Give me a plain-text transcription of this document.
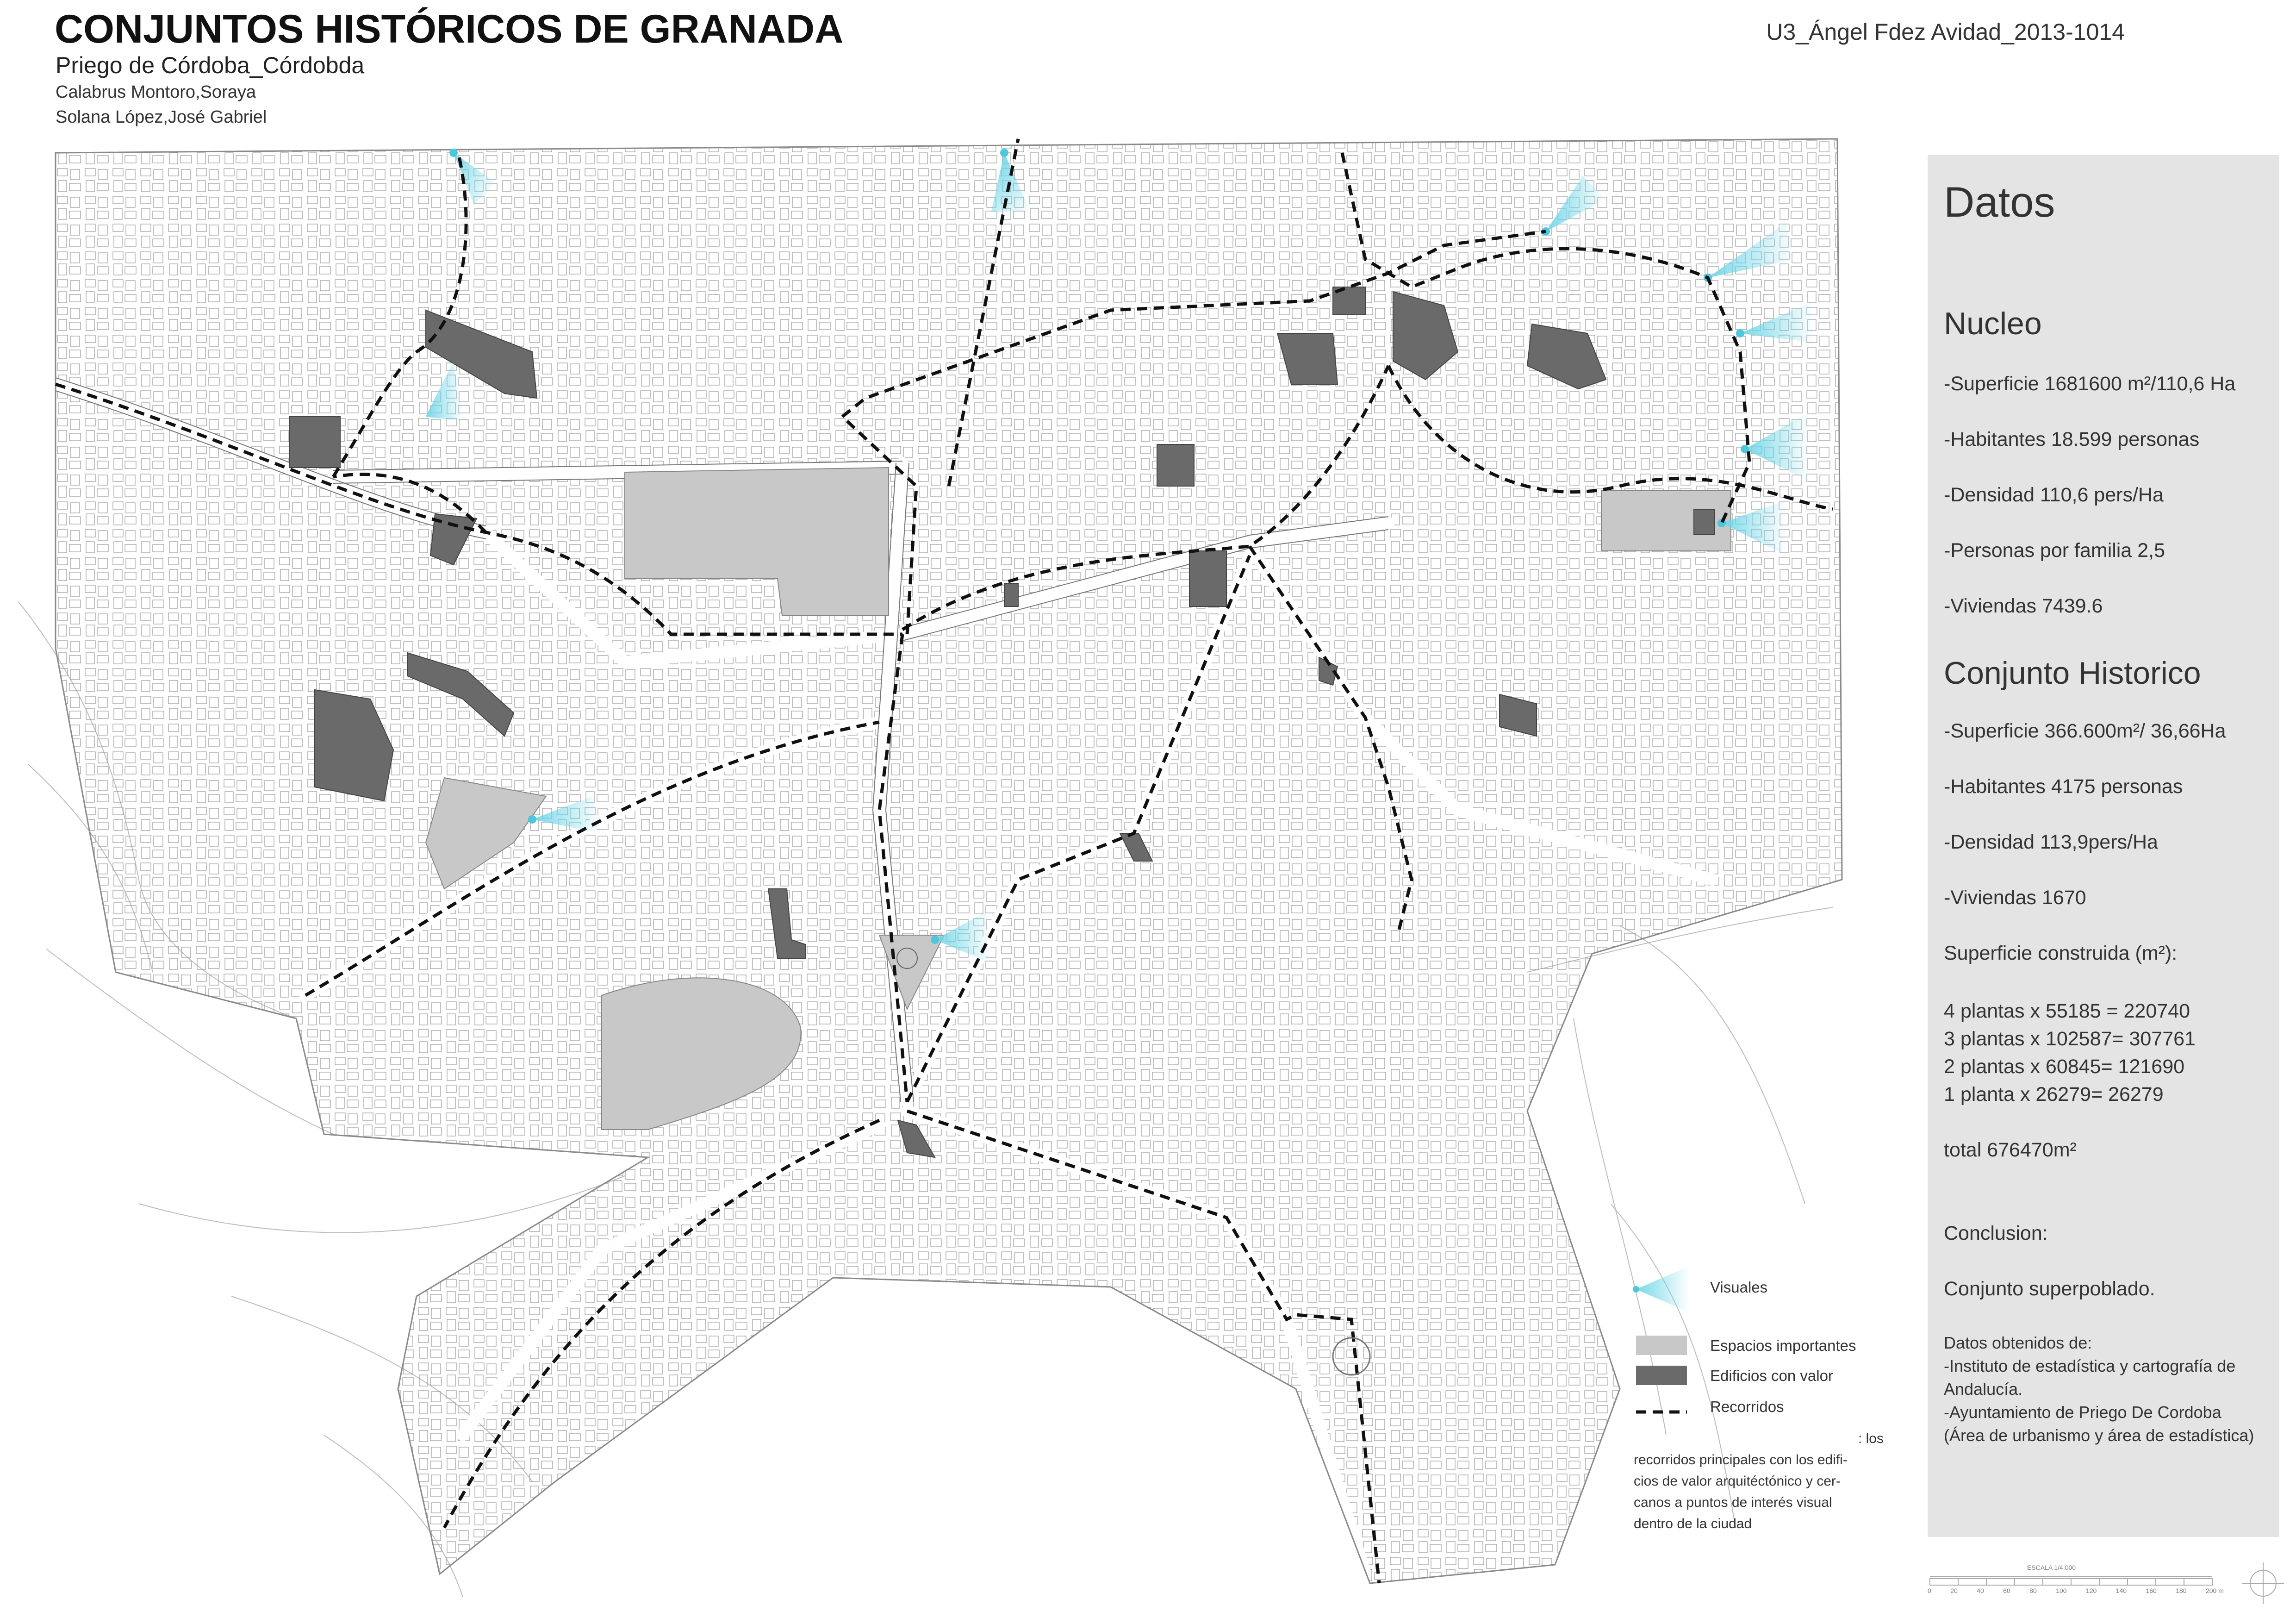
CONJUNTOS HISTÓRICOS DE GRANADA
Priego de Córdoba_Córdobda
Calabrus Montoro,Soraya
Solana López,José Gabriel
U3_Ángel Fdez Avidad_2013-1014
Visuales
Espacios importantes
Edificios con valor
Recorridos
: los
recorridos principales con los edifi-
cios de valor arquitéctónico y cer-
canos a puntos de interés visual
dentro de la ciudad
Datos
Nucleo
-Superficie 1681600 m²/110,6 Ha
-Habitantes 18.599 personas
-Densidad 110,6 pers/Ha
-Personas por familia 2,5
-Viviendas 7439.6
Conjunto Historico
-Superficie 366.600m²/ 36,66Ha
-Habitantes 4175 personas
-Densidad 113,9pers/Ha
-Viviendas 1670
Superficie construida (m²):
4 plantas x 55185 = 220740
3 plantas x 102587= 307761
2 plantas x 60845= 121690
1 planta x 26279= 26279
total 676470m²
Conclusion:
Conjunto superpoblado.
Datos obtenidos de:
-Instituto de estadística y cartografía de
Andalucía.
-Ayuntamiento de Priego De Cordoba
(Área de urbanismo y área de estadística)
ESCALA 1/4.000
0	20	40	60	80	100	120	140	160	180	200 m
